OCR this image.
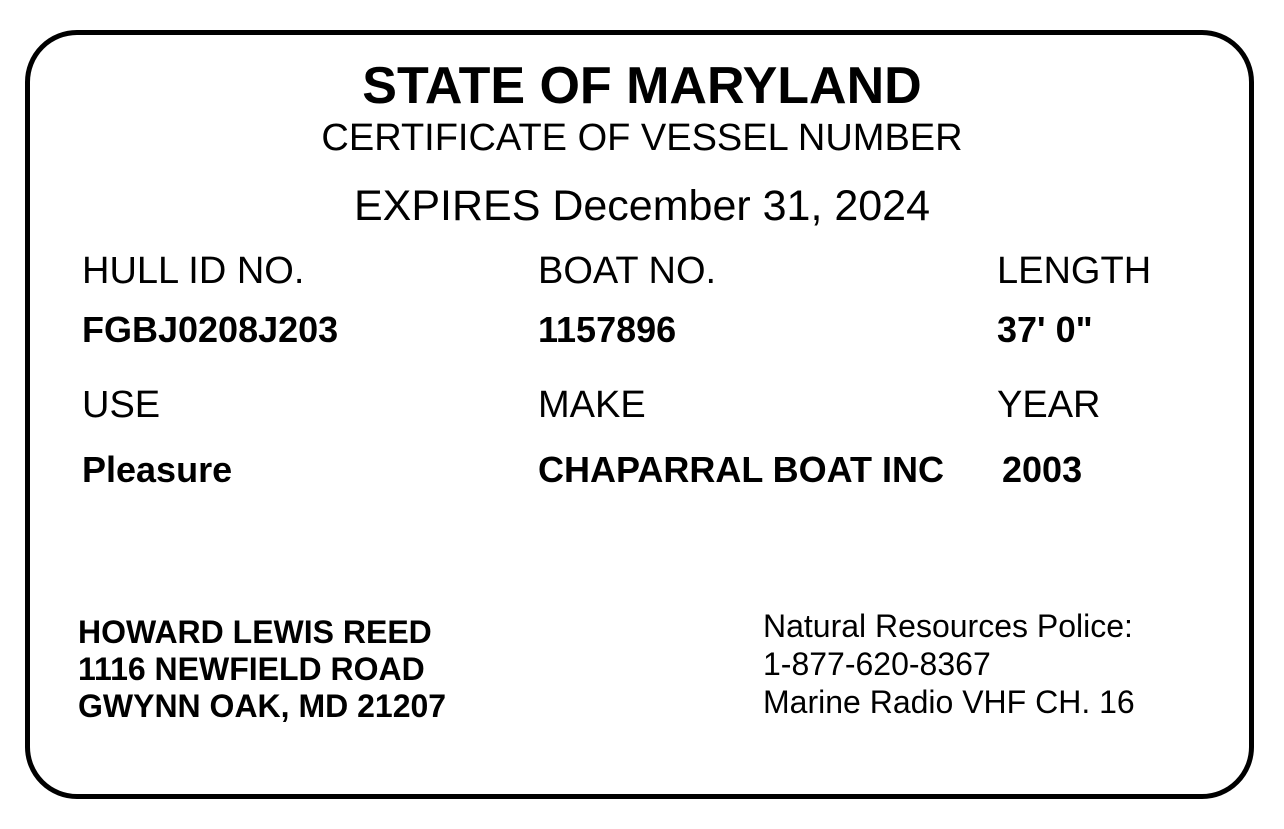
STATE OF MARYLAND
CERTIFICATE OF VESSEL NUMBER
EXPIRES December 31, 2024
HULL ID NO.	BOAT NO.	LENGTH
FGBJ0208J203	1157896	37' 0"
USE	MAKE	YEAR
Pleasure	CHAPARRAL BOAT INC	2003
HOWARD LEWIS REED
1116 NEWFIELD ROAD
GWYNN OAK, MD 21207
Natural Resources Police:
1-877-620-8367
Marine Radio VHF CH. 16
